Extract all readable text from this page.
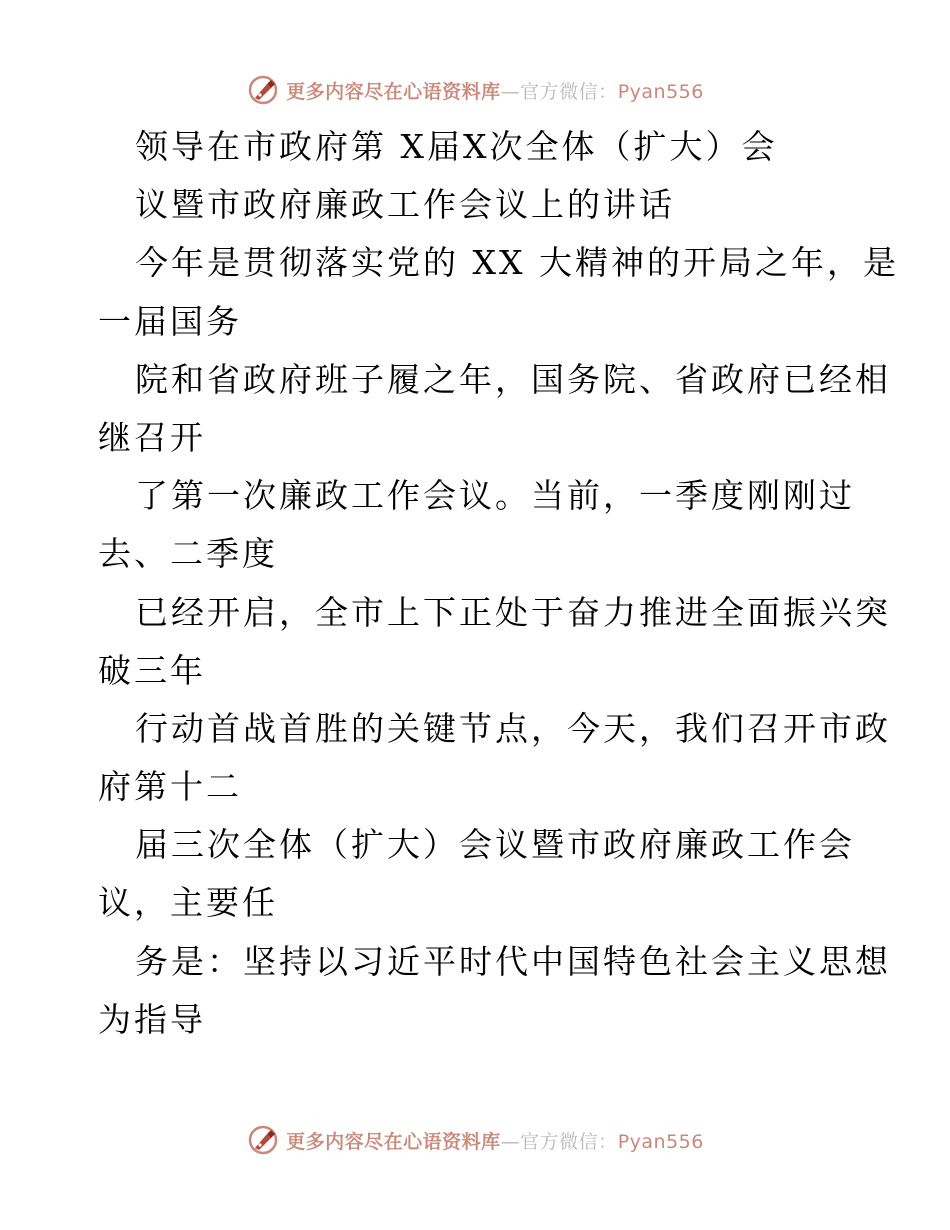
更多内容尽在心语资料库—官方微信：Pyan556
领导在市政府第 X届X次全体（扩大）会
议暨市政府廉政工作会议上的讲话
今年是贯彻落实党的 XX 大精神的开局之年，是
一届国务
院和省政府班子履之年，国务院、省政府已经相
继召开
了第一次廉政工作会议。当前，一季度刚刚过
去、二季度
已经开启，全市上下正处于奋力推进全面振兴突
破三年
行动首战首胜的关键节点，今天，我们召开市政
府第十二
届三次全体（扩大）会议暨市政府廉政工作会
议，主要任
务是：坚持以习近平时代中国特色社会主义思想
为指导
更多内容尽在心语资料库—官方微信：Pyan556
